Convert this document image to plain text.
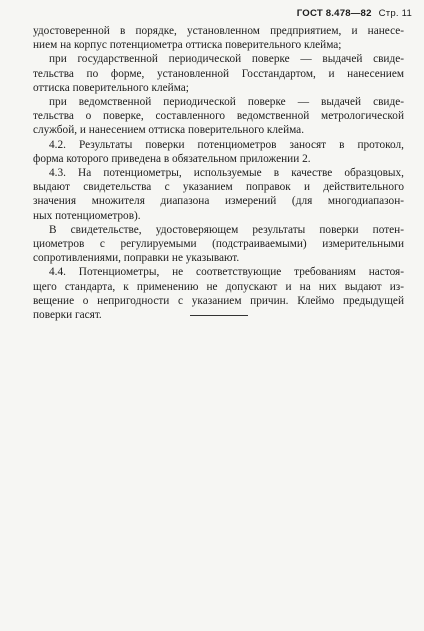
ГОСТ 8.478—82 Стр. 11
удостоверенной в порядке, установленном предприятием, и нанесе-
нием на корпус потенциометра оттиска поверительного клейма;
при государственной периодической поверке — выдачей свиде-
тельства по форме, установленной Госстандартом, и нанесением
оттиска поверительного клейма;
при ведомственной периодической поверке — выдачей свиде-
тельства о поверке, составленного ведомственной метрологической
службой, и нанесением оттиска поверительного клейма.
4.2. Результаты поверки потенциометров заносят в протокол,
форма которого приведена в обязательном приложении 2.
4.3. На потенциометры, используемые в качестве образцовых,
выдают свидетельства с указанием поправок и действительного
значения множителя диапазона измерений (для многодиапазон-
ных потенциометров).
В свидетельстве, удостоверяющем результаты поверки потен-
циометров с регулируемыми (подстраиваемыми) измерительными
сопротивлениями, поправки не указывают.
4.4. Потенциометры, не соответствующие требованиям настоя-
щего стандарта, к применению не допускают и на них выдают из-
вещение о непригодности с указанием причин. Клеймо предыдущей
поверки гасят.
